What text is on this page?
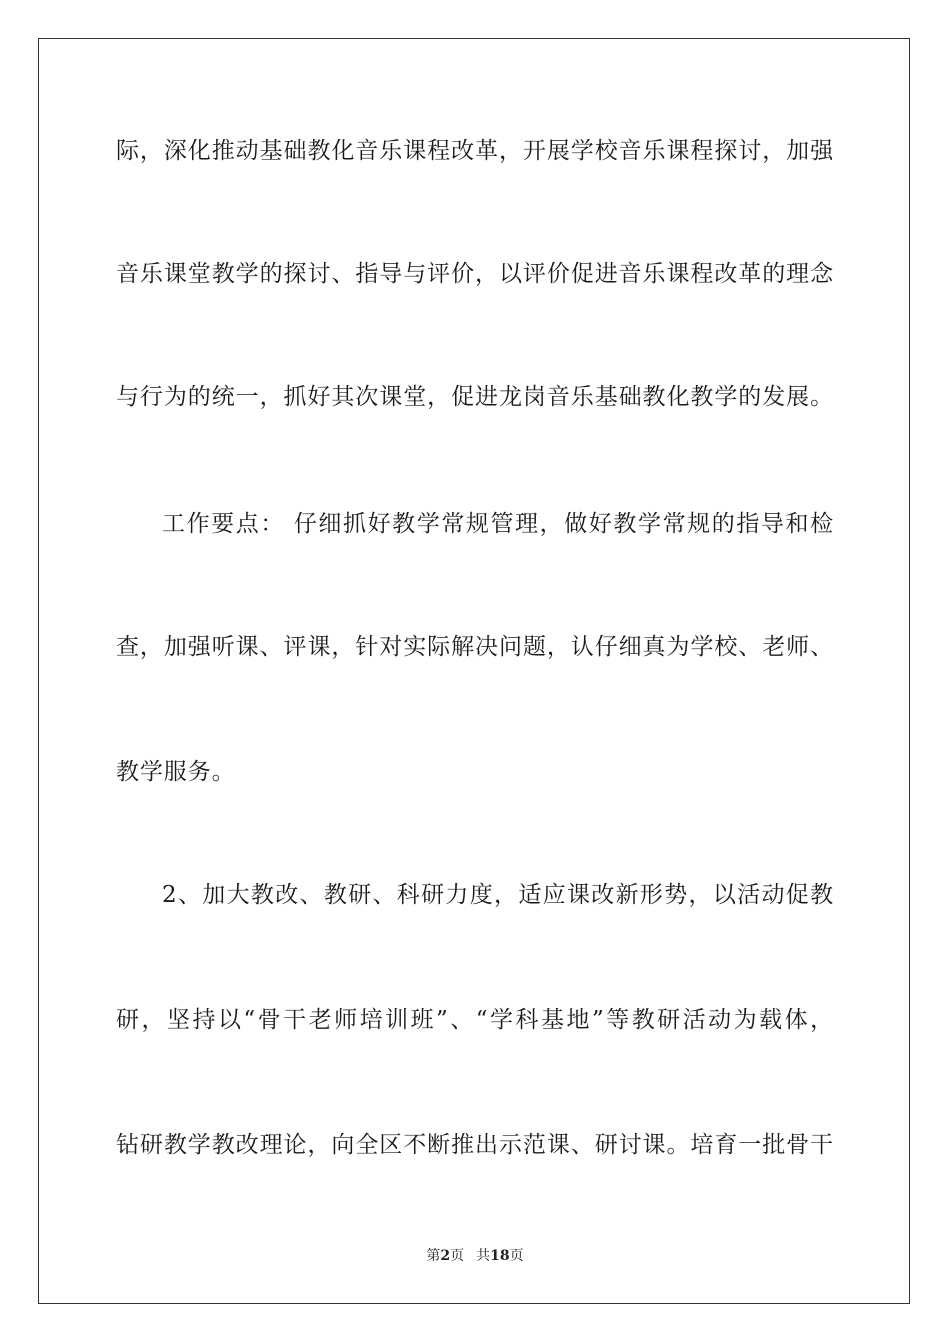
际，深化推动基础教化音乐课程改革，开展学校音乐课程探讨，加强
音乐课堂教学的探讨、指导与评价，以评价促进音乐课程改革的理念
与行为的统一，抓好其次课堂，促进龙岗音乐基础教化教学的发展。
工作要点： 仔细抓好教学常规管理，做好教学常规的指导和检
查，加强听课、评课，针对实际解决问题，认仔细真为学校、老师、
教学服务。
2、加大教改、教研、科研力度，适应课改新形势，以活动促教
研，坚持以“骨干老师培训班”、“学科基地”等教研活动为载体，
钻研教学教改理论，向全区不断推出示范课、研讨课。培育一批骨干
第2页 共18页
